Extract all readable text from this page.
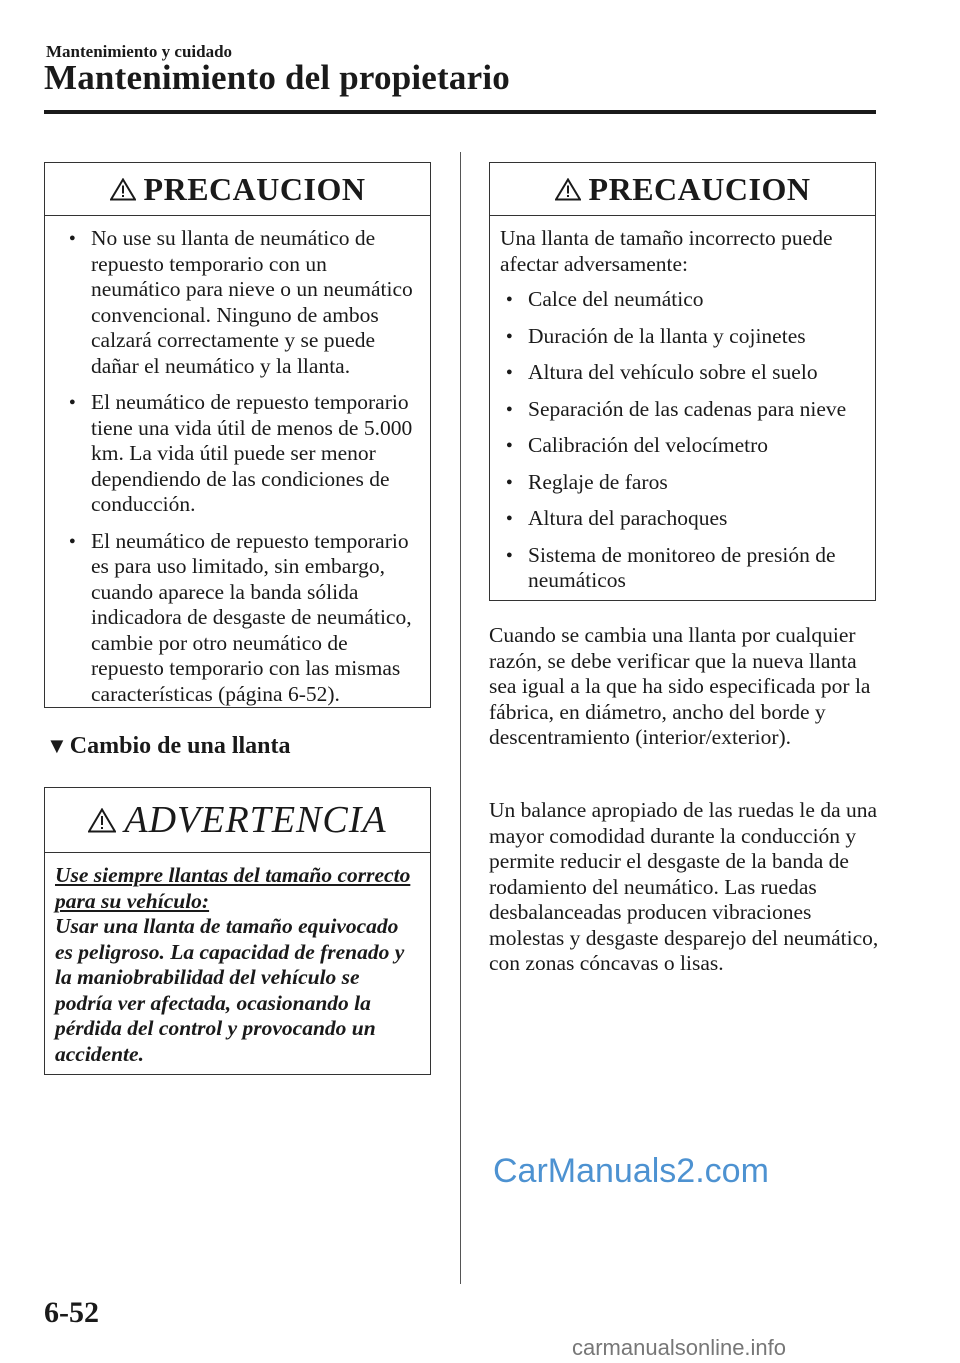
Mantenimiento y cuidado
Mantenimiento del propietario
PRECAUCION
● No use su llanta de neumático de repuesto temporario con un neumático para nieve o un neumático convencional. Ninguno de ambos calzará correctamente y se puede dañar el neumático y la llanta.
● El neumático de repuesto temporario tiene una vida útil de menos de 5.000 km. La vida útil puede ser menor dependiendo de las condiciones de conducción.
● El neumático de repuesto temporario es para uso limitado, sin embargo, cuando aparece la banda sólida indicadora de desgaste de neumático, cambie por otro neumático de repuesto temporario con las mismas características (página 6-52).
▼Cambio de una llanta
ADVERTENCIA
Use siempre llantas del tamaño correcto para su vehículo:
Usar una llanta de tamaño equivocado es peligroso. La capacidad de frenado y la maniobrabilidad del vehículo se podría ver afectada, ocasionando la pérdida del control y provocando un accidente.
PRECAUCION

Una llanta de tamaño incorrecto puede afectar adversamente:

● Calce del neumático
● Duración de la llanta y cojinetes
● Altura del vehículo sobre el suelo
● Separación de las cadenas para nieve
● Calibración del velocímetro
● Reglaje de faros
● Altura del parachoques
● Sistema de monitoreo de presión de neumáticos

Cuando se cambia una llanta por cualquier razón, se debe verificar que la nueva llanta sea igual a la que ha sido especificada por la fábrica, en diámetro, ancho del borde y descentramiento (interior/exterior).

Un balance apropiado de las ruedas le da una mayor comodidad durante la conducción y permite reducir el desgaste de la banda de rodamiento del neumático. Las ruedas desbalanceadas producen vibraciones molestas y desgaste desparejo del neumático, con zonas cóncavas o lisas.

CarManuals2.com
6-52
carmanualsonline.info
